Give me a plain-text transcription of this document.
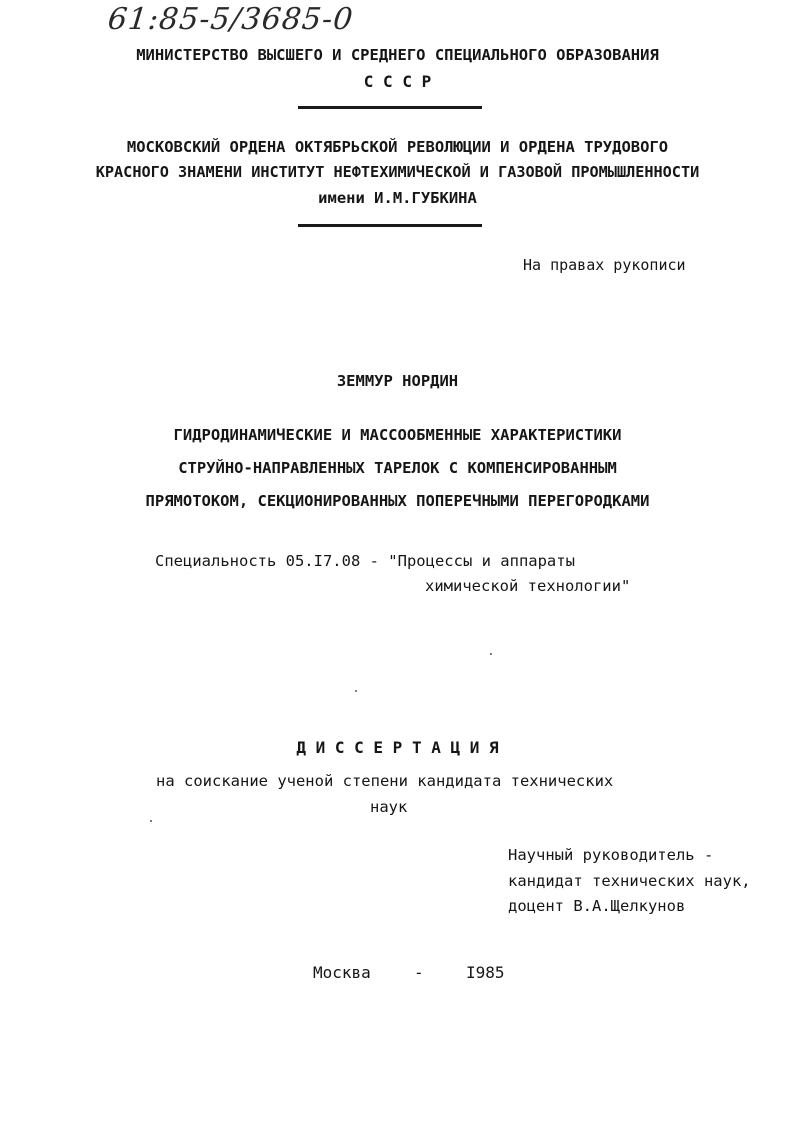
61:85-5/3685-0
МИНИСТЕРСТВО ВЫСШЕГО И СРЕДНЕГО СПЕЦИАЛЬНОГО ОБРАЗОВАНИЯ
С С С Р
МОСКОВСКИЙ ОРДЕНА ОКТЯБРЬСКОЙ РЕВОЛЮЦИИ И ОРДЕНА ТРУДОВОГО
КРАСНОГО ЗНАМЕНИ ИНСТИТУТ НЕФТЕХИМИЧЕСКОЙ И ГАЗОВОЙ ПРОМЫШЛЕННОСТИ
имени И.М.ГУБКИНА
На правах рукописи
ЗЕММУР НОРДИН
ГИДРОДИНАМИЧЕСКИЕ И МАССООБМЕННЫЕ ХАРАКТЕРИСТИКИ
СТРУЙНО-НАПРАВЛЕННЫХ ТАРЕЛОК С КОМПЕНСИРОВАННЫМ
ПРЯМОТОКОМ, СЕКЦИОНИРОВАННЫХ ПОПЕРЕЧНЫМИ ПЕРЕГОРОДКАМИ
Специальность 05.I7.08 - "Процессы и аппараты
химической технологии"
Д И С С Е Р Т А Ц И Я
на соискание ученой степени кандидата технических
наук
Научный руководитель -
кандидат технических наук,
доцент В.А.Щелкунов
Москва	-	I985
